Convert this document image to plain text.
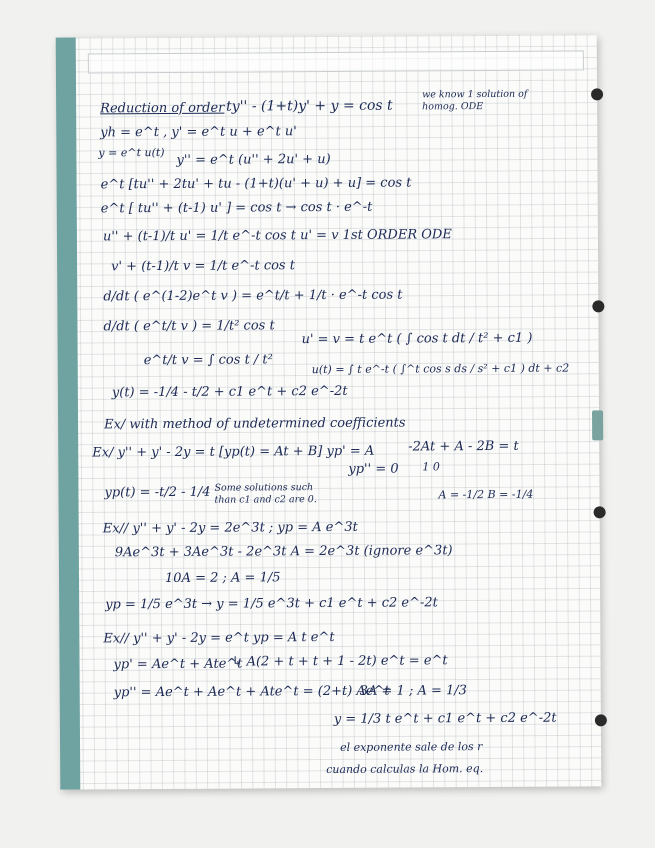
Reduction of order ty'' - (1+t)y' + y = cos t
we know 1 solution of
homog. ODE
yh = e^t , y' = e^t u + e^t u'
y = e^t u(t) y'' = e^t (u'' + 2u' + u)
e^t [tu'' + 2tu' + tu - (1+t)(u' + u) + u] = cos t
e^t [ tu'' + (t-1) u' ] = cos t → cos t · e^-t
u'' + (t-1)/t u' = 1/t e^-t cos t u' = v 1st ORDER ODE
v' + (t-1)/t v = 1/t e^-t cos t
d/dt ( e^(1-2)e^t v ) = e^t/t + 1/t · e^-t cos t
d/dt ( e^t/t v ) = 1/t² cos t
u' = v = t e^t ( ∫ cos t dt / t² + c1 )
e^t/t v = ∫ cos t / t²
u(t) = ∫ t e^-t ( ∫^t cos s ds / s² + c1 ) dt + c2
y(t) = -1/4 - t/2 + c1 e^t + c2 e^-2t
Ex/ with method of undetermined coefficients
Ex/ y'' + y' - 2y = t [yp(t) = At + B] yp' = A	-2At + A - 2B = t
yp'' = 0 1 0
yp(t) = -t/2 - 1/4 Some solutions such
than c1 and c2 are 0.	A = -1/2 B = -1/4
Ex// y'' + y' - 2y = 2e^3t ; yp = A e^3t
9Ae^3t + 3Ae^3t - 2e^3t A = 2e^3t (ignore e^3t)
10A = 2 ; A = 1/5
yp = 1/5 e^3t → y = 1/5 e^3t + c1 e^t + c2 e^-2t
Ex// y'' + y' - 2y = e^t yp = A t e^t
yp' = Ae^t + Ate^t
↳ A(2 + t + t + 1 - 2t) e^t = e^t
yp'' = Ae^t + Ae^t + Ate^t = (2+t) Ae^t
3A = 1 ; A = 1/3
y = 1/3 t e^t + c1 e^t + c2 e^-2t
el exponente sale de los r
cuando calculas la Hom. eq.
